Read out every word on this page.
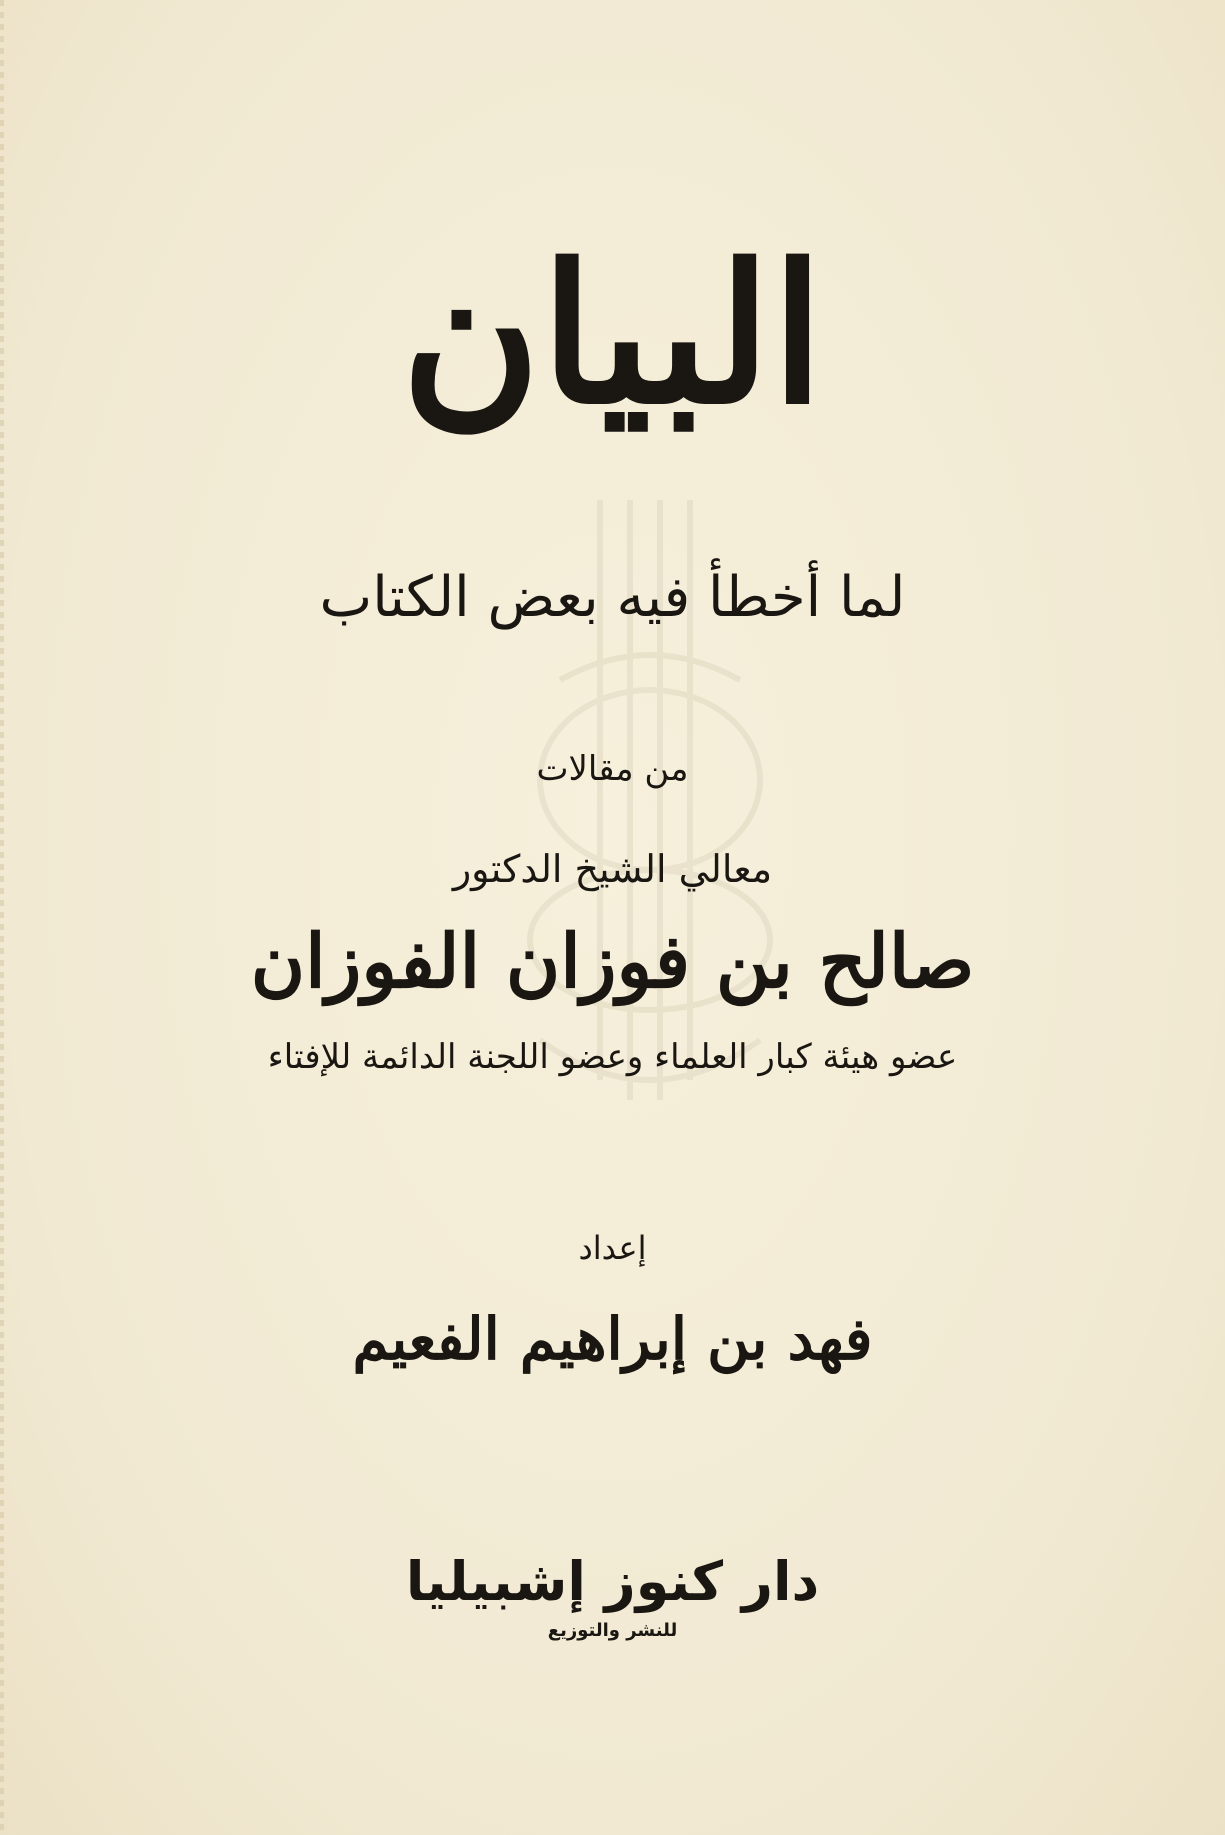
البيان
لما أخطأ فيه بعض الكتاب
من مقالات
معالي الشيخ الدكتور
صالح بن فوزان الفوزان
عضو هيئة كبار العلماء وعضو اللجنة الدائمة للإفتاء
إعداد
فهد بن إبراهيم الفعيم
دار كنوز إشبيليا
للنشر والتوزيع
